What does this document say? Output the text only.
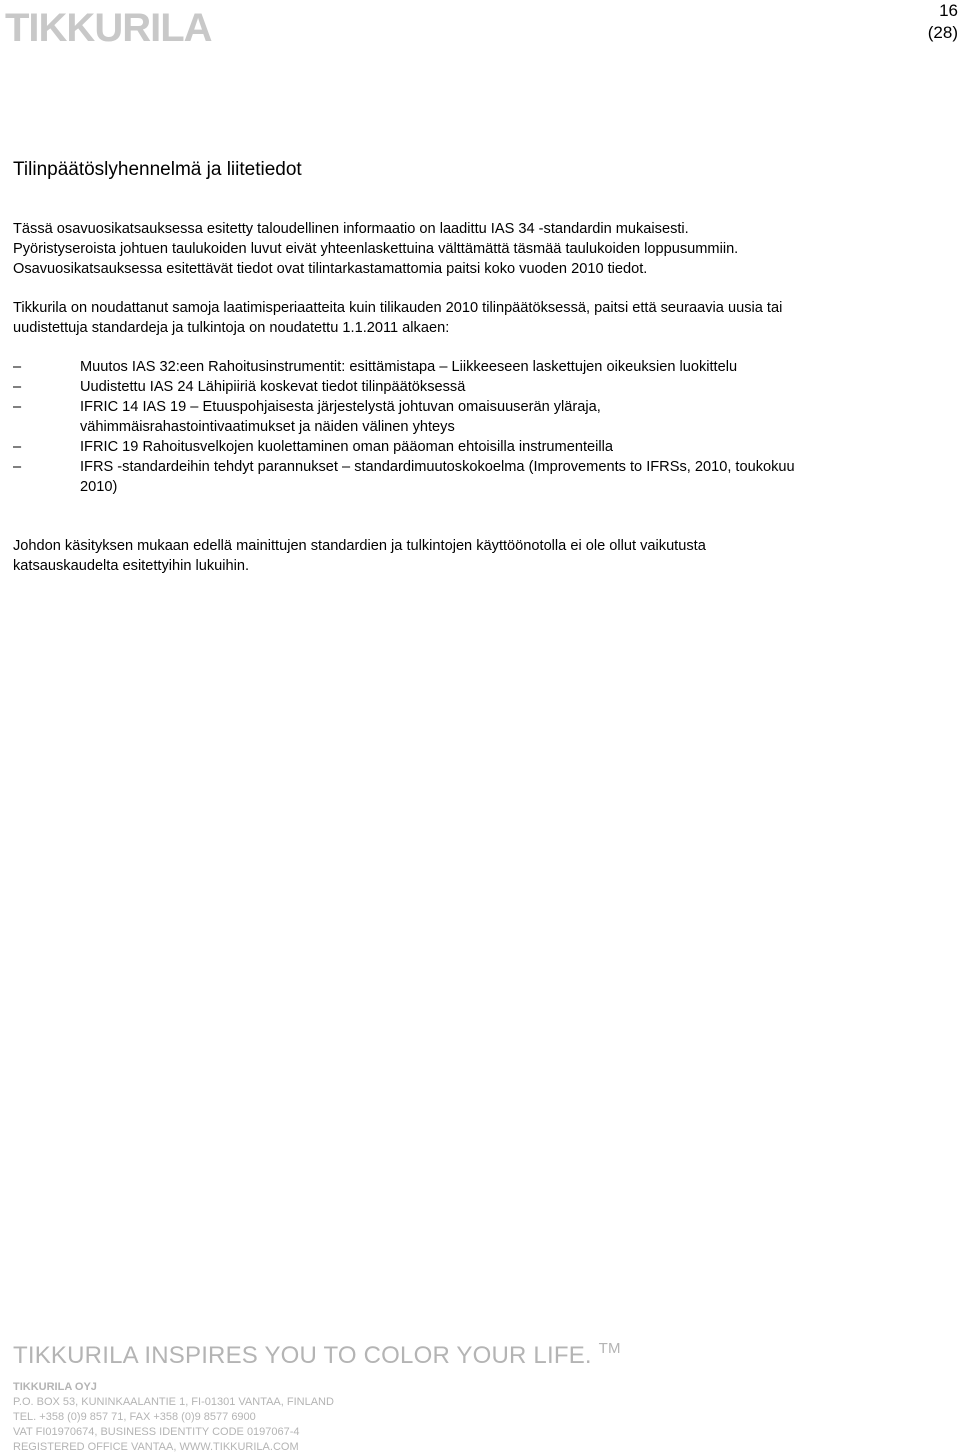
TIKKURILA	16
(28)
Tilinpäätöslyhennelmä ja liitetiedot

Tässä osavuosikatsauksessa esitetty taloudellinen informaatio on laadittu IAS 34 -standardin mukaisesti.
Pyöristyseroista johtuen taulukoiden luvut eivät yhteenlaskettuina välttämättä täsmää taulukoiden loppusummiin.
Osavuosikatsauksessa esitettävät tiedot ovat tilintarkastamattomia paitsi koko vuoden 2010 tiedot.

Tikkurila on noudattanut samoja laatimisperiaatteita kuin tilikauden 2010 tilinpäätöksessä, paitsi että seuraavia uusia tai
uudistettuja standardeja ja tulkintoja on noudatettu 1.1.2011 alkaen:

–	Muutos IAS 32:een Rahoitusinstrumentit: esittämistapa – Liikkeeseen laskettujen oikeuksien luokittelu
–	Uudistettu IAS 24 Lähipiiriä koskevat tiedot tilinpäätöksessä
–	IFRIC 14 IAS 19 – Etuuspohjaisesta järjestelystä johtuvan omaisuuserän yläraja,
vähimmäisrahastointivaatimukset ja näiden välinen yhteys
–	IFRIC 19 Rahoitusvelkojen kuolettaminen oman pääoman ehtoisilla instrumenteilla
–	IFRS -standardeihin tehdyt parannukset – standardimuutoskokoelma (Improvements to IFRSs, 2010, toukokuu
2010)

Johdon käsityksen mukaan edellä mainittujen standardien ja tulkintojen käyttöönotolla ei ole ollut vaikutusta
katsauskaudelta esitettyihin lukuihin.

TIKKURILA INSPIRES YOU TO COLOR YOUR LIFE. ™
TIKKURILA OYJ
P.O. BOX 53, KUNINKAALANTIE 1, FI-01301 VANTAA, FINLAND
TEL. +358 (0)9 857 71, FAX +358 (0)9 8577 6900
VAT FI01970674, BUSINESS IDENTITY CODE 0197067-4
REGISTERED OFFICE VANTAA, WWW.TIKKURILA.COM
